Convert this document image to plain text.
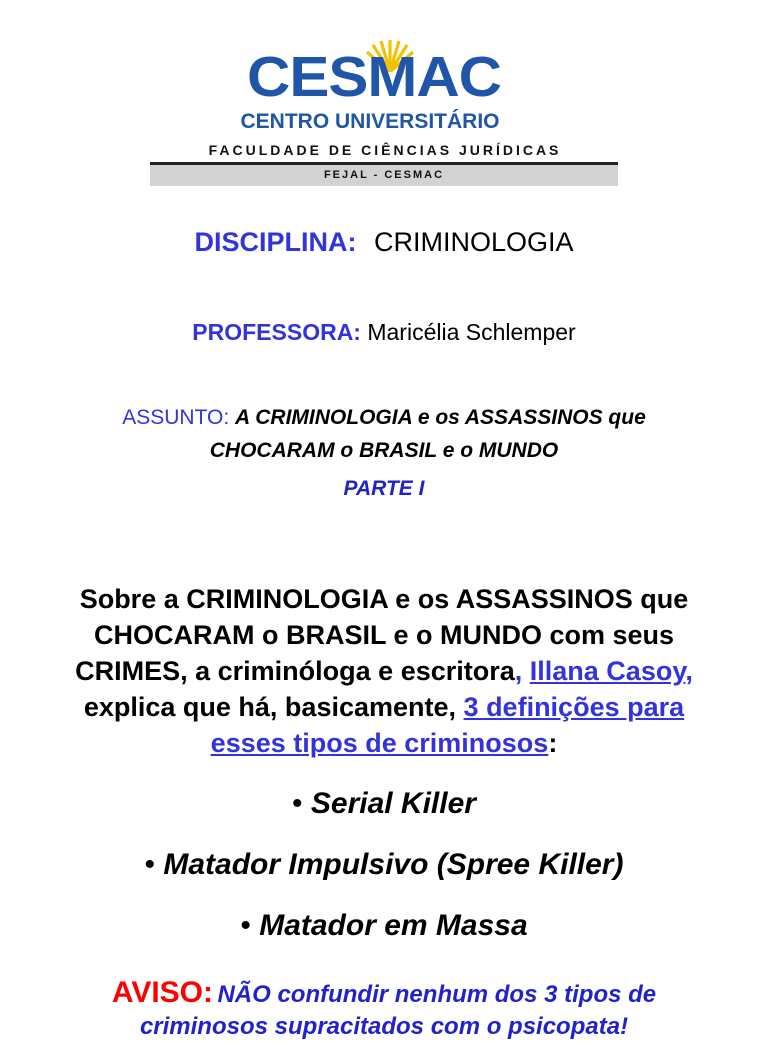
CESMAC
CENTRO UNIVERSITÁRIO
FACULDADE DE CIÊNCIAS JURÍDICAS
FEJAL - CESMAC
DISCIPLINA: CRIMINOLOGIA
PROFESSORA: Maricélia Schlemper
ASSUNTO: A CRIMINOLOGIA e os ASSASSINOS que
CHOCARAM o BRASIL e o MUNDO
PARTE I
Sobre a CRIMINOLOGIA e os ASSASSINOS que
CHOCARAM o BRASIL e o MUNDO com seus
CRIMES, a criminóloga e escritora, Illana Casoy,
explica que há, basicamente, 3 definições para
esses tipos de criminosos:
• Serial Killer
• Matador Impulsivo (Spree Killer)
• Matador em Massa
AVISO: NÃO confundir nenhum dos 3 tipos de
criminosos supracitados com o psicopata!
